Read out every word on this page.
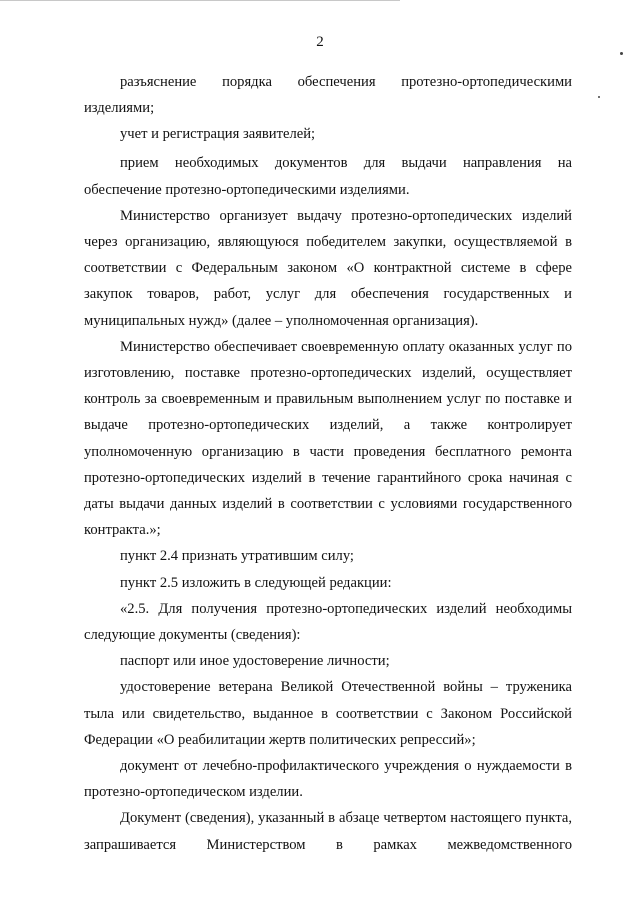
2

разъяснение порядка обеспечения протезно-ортопедическими изделиями;

учет и регистрация заявителей;

прием необходимых документов для выдачи направления на обеспечение протезно-ортопедическими изделиями.

Министерство организует выдачу протезно-ортопедических изделий через организацию, являющуюся победителем закупки, осуществляемой в соответствии с Федеральным законом «О контрактной системе в сфере закупок товаров, работ, услуг для обеспечения государственных и муниципальных нужд» (далее – уполномоченная организация).

Министерство обеспечивает своевременную оплату оказанных услуг по изготовлению, поставке протезно-ортопедических изделий, осуществляет контроль за своевременным и правильным выполнением услуг по поставке и выдаче протезно-ортопедических изделий, а также контролирует уполномоченную организацию в части проведения бесплатного ремонта протезно-ортопедических изделий в течение гарантийного срока начиная с даты выдачи данных изделий в соответствии с условиями государственного контракта.»;

пункт 2.4 признать утратившим силу;

пункт 2.5 изложить в следующей редакции:

«2.5. Для получения протезно-ортопедических изделий необходимы следующие документы (сведения):

паспорт или иное удостоверение личности;

удостоверение ветерана Великой Отечественной войны – труженика тыла или свидетельство, выданное в соответствии с Законом Российской Федерации «О реабилитации жертв политических репрессий»;

документ от лечебно-профилактического учреждения о нуждаемости в протезно-ортопедическом изделии.

Документ (сведения), указанный в абзаце четвертом настоящего пункта, запрашивается Министерством в рамках межведомственного
